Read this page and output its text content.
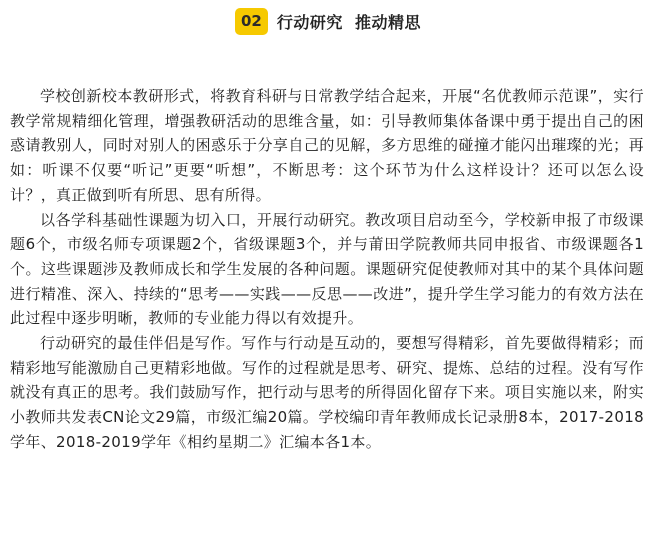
02 行动研究  推动精思

学校创新校本教研形式，将教育科研与日常教学结合起来，开展“名优教师示范课”，实行教学常规精细化管理，增强教研活动的思维含量，如：引导教师集体备课中勇于提出自己的困惑请教别人，同时对别人的困惑乐于分享自己的见解，多方思维的碰撞才能闪出璀璨的光；再如：听课不仅要“听记”更要“听想”，不断思考：这个环节为什么这样设计？还可以怎么设计？，真正做到听有所思、思有所得。

以各学科基础性课题为切入口，开展行动研究。教改项目启动至今，学校新申报了市级课题6个，市级名师专项课题2个，省级课题3个，并与莆田学院教师共同申报省、市级课题各1个。这些课题涉及教师成长和学生发展的各种问题。课题研究促使教师对其中的某个具体问题进行精准、深入、持续的“思考——实践——反思——改进”，提升学生学习能力的有效方法在此过程中逐步明晰，教师的专业能力得以有效提升。

行动研究的最佳伴侣是写作。写作与行动是互动的，要想写得精彩，首先要做得精彩；而精彩地写能激励自己更精彩地做。写作的过程就是思考、研究、提炼、总结的过程。没有写作就没有真正的思考。我们鼓励写作，把行动与思考的所得固化留存下来。项目实施以来，附实小教师共发表CN论文29篇，市级汇编20篇。学校编印青年教师成长记录册8本，2017-2018学年、2018-2019学年《相约星期二》汇编本各1本。
